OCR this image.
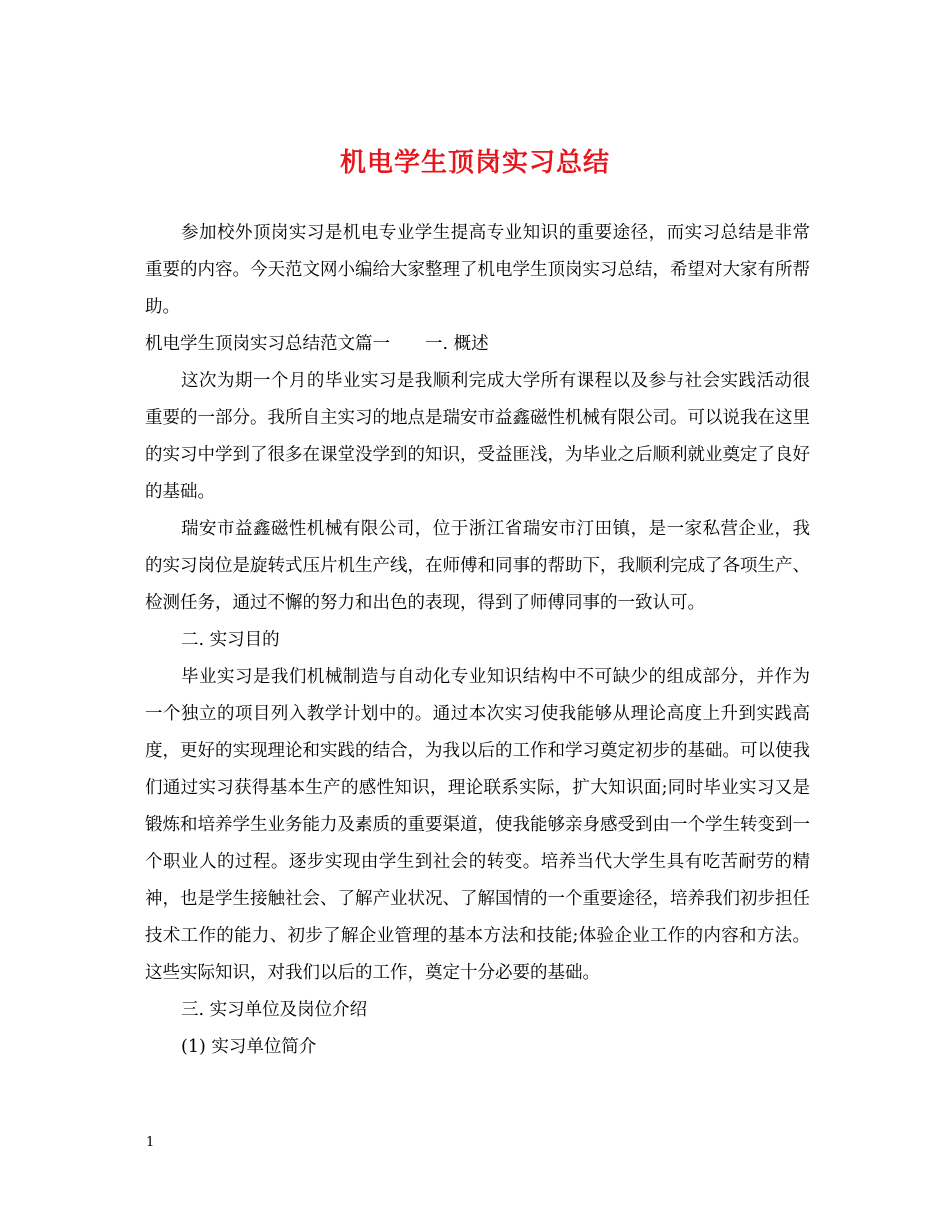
机电学生顶岗实习总结

参加校外顶岗实习是机电专业学生提高专业知识的重要途径，而实习总结是非常重要的内容。今天范文网小编给大家整理了机电学生顶岗实习总结，希望对大家有所帮助。

机电学生顶岗实习总结范文篇一　　一. 概述

这次为期一个月的毕业实习是我顺利完成大学所有课程以及参与社会实践活动很重要的一部分。我所自主实习的地点是瑞安市益鑫磁性机械有限公司。可以说我在这里的实习中学到了很多在课堂没学到的知识，受益匪浅，为毕业之后顺利就业奠定了良好的基础。

瑞安市益鑫磁性机械有限公司，位于浙江省瑞安市汀田镇，是一家私营企业，我的实习岗位是旋转式压片机生产线，在师傅和同事的帮助下，我顺利完成了各项生产、检测任务，通过不懈的努力和出色的表现，得到了师傅同事的一致认可。

二. 实习目的

毕业实习是我们机械制造与自动化专业知识结构中不可缺少的组成部分，并作为一个独立的项目列入教学计划中的。通过本次实习使我能够从理论高度上升到实践高度，更好的实现理论和实践的结合，为我以后的工作和学习奠定初步的基础。可以使我们通过实习获得基本生产的感性知识，理论联系实际，扩大知识面;同时毕业实习又是锻炼和培养学生业务能力及素质的重要渠道，使我能够亲身感受到由一个学生转变到一个职业人的过程。逐步实现由学生到社会的转变。培养当代大学生具有吃苦耐劳的精神，也是学生接触社会、了解产业状况、了解国情的一个重要途径，培养我们初步担任技术工作的能力、初步了解企业管理的基本方法和技能;体验企业工作的内容和方法。这些实际知识，对我们以后的工作，奠定十分必要的基础。

三. 实习单位及岗位介绍

(1) 实习单位简介

1
